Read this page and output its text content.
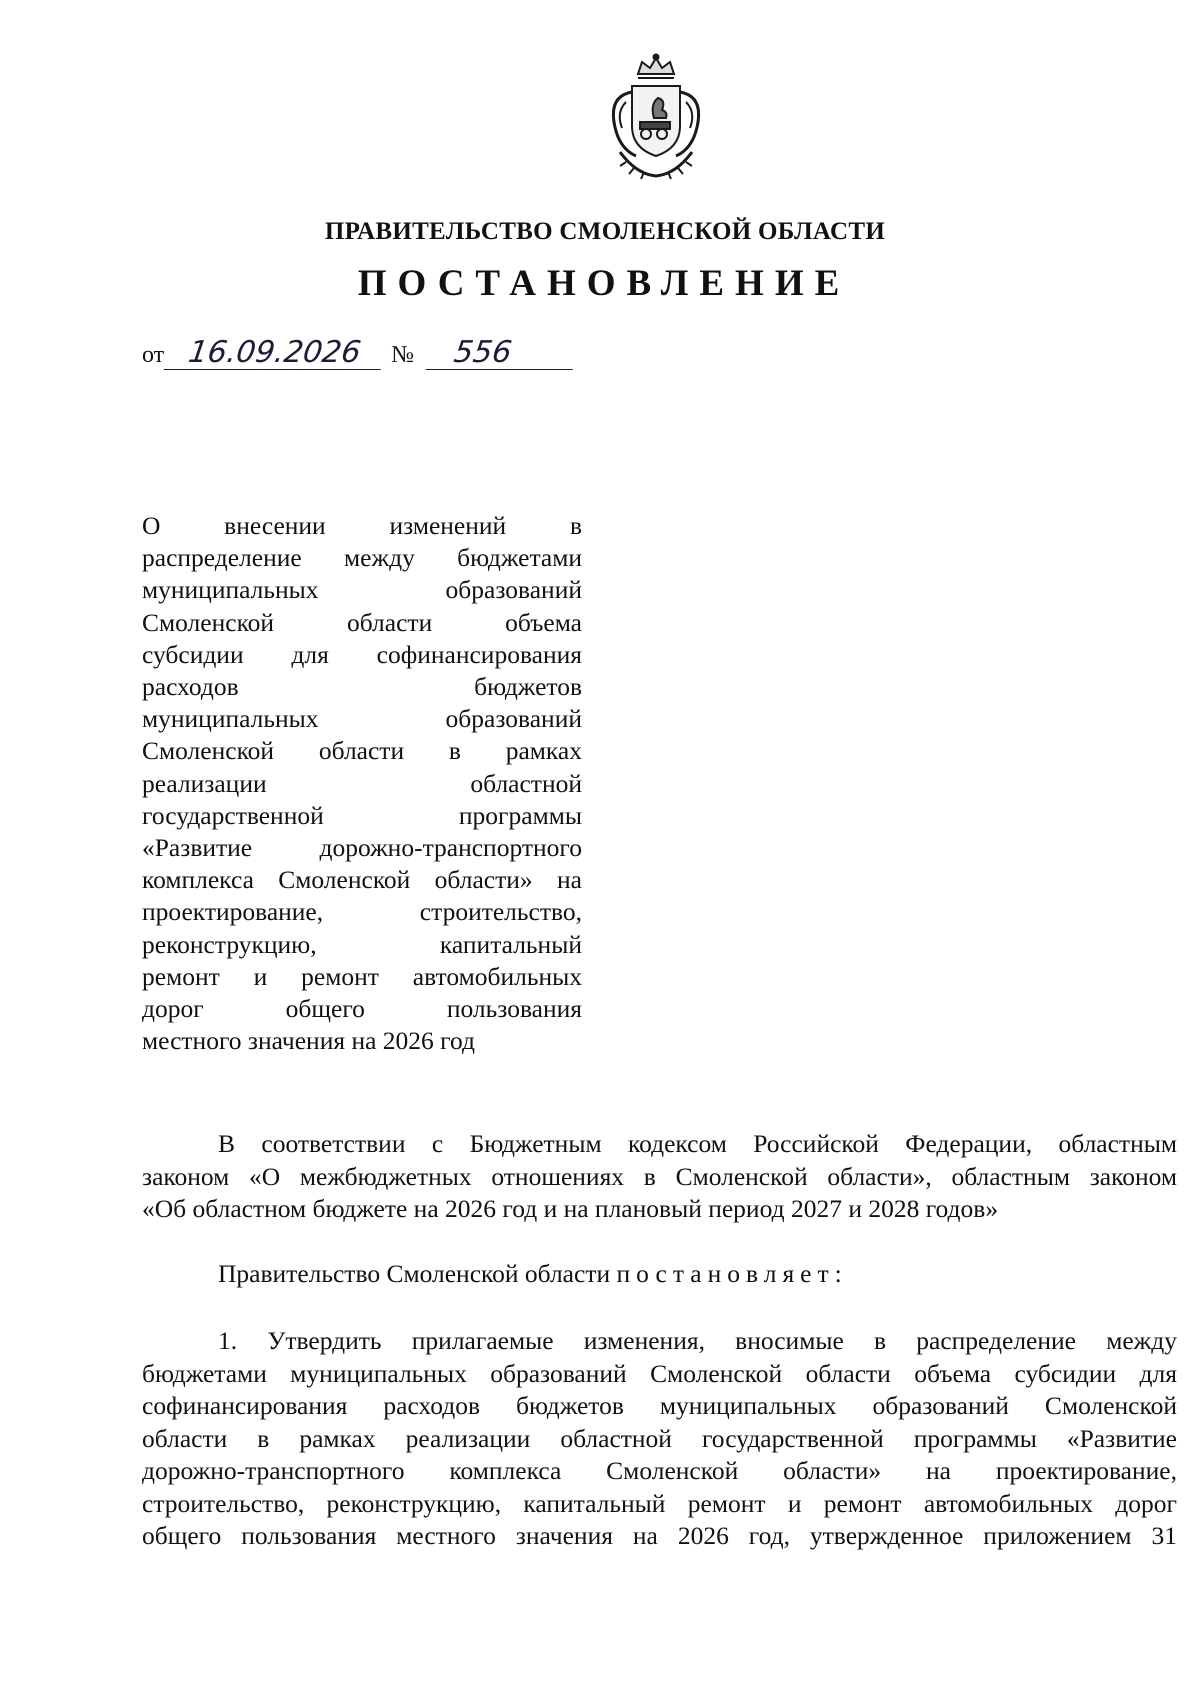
ПРАВИТЕЛЬСТВО СМОЛЕНСКОЙ ОБЛАСТИ
ПОСТАНОВЛЕНИЕ
от 16.09.2026	№	556
О внесении изменений в
распределение между бюджетами
муниципальных образований
Смоленской области объема
субсидии для софинансирования
расходов бюджетов
муниципальных образований
Смоленской области в рамках
реализации областной
государственной программы
«Развитие дорожно-транспортного
комплекса Смоленской области» на
проектирование, строительство,
реконструкцию, капитальный
ремонт и ремонт автомобильных
дорог общего пользования
местного значения на 2026 год
В соответствии с Бюджетным кодексом Российской Федерации, областным
законом «О межбюджетных отношениях в Смоленской области», областным законом
«Об областном бюджете на 2026 год и на плановый период 2027 и 2028 годов»
Правительство Смоленской области постановляет:
1. Утвердить прилагаемые изменения, вносимые в распределение между
бюджетами муниципальных образований Смоленской области объема субсидии для
софинансирования расходов бюджетов муниципальных образований Смоленской
области в рамках реализации областной государственной программы «Развитие
дорожно-транспортного комплекса Смоленской области» на проектирование,
строительство, реконструкцию, капитальный ремонт и ремонт автомобильных дорог
общего пользования местного значения на 2026 год, утвержденное приложением 31
